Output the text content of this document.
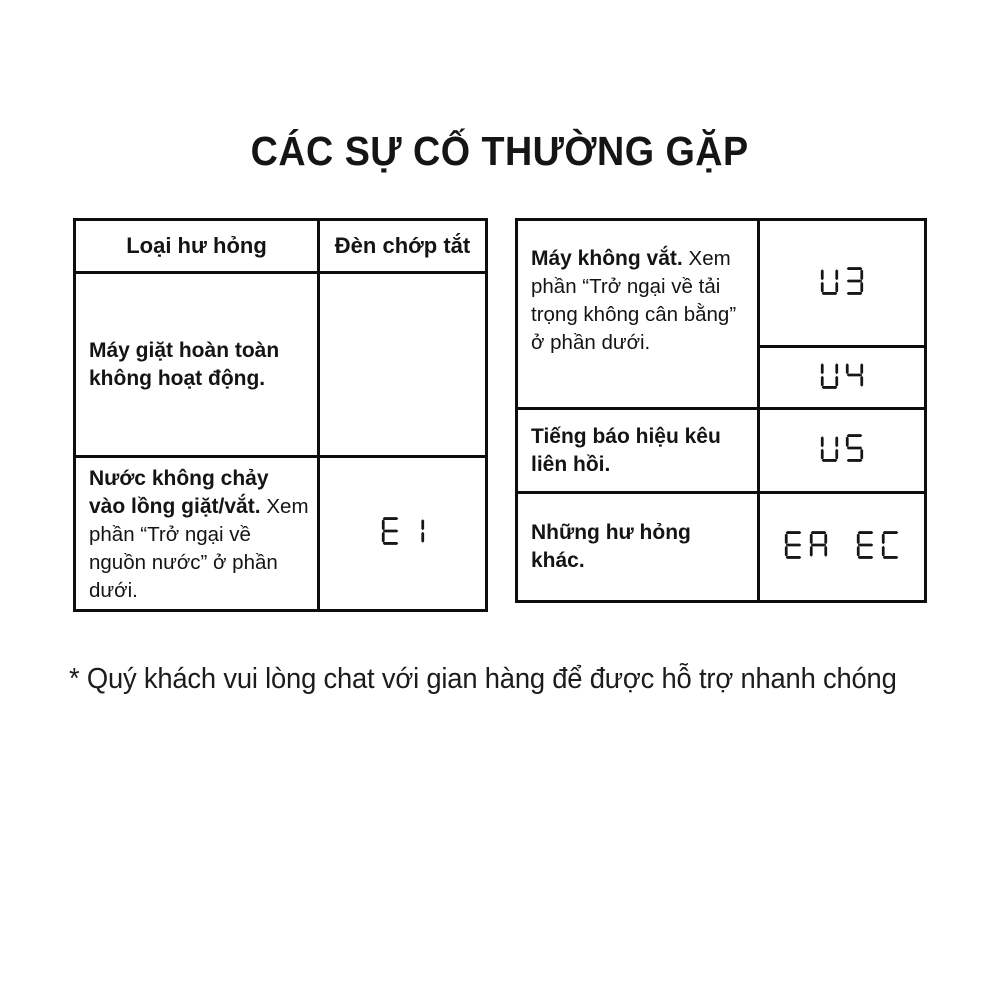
CÁC SỰ CỐ THƯỜNG GẶP
Loại hư hỏng	Đèn chớp tắt
Máy giặt hoàn toàn không hoạt động.
Nước không chảy vào lồng giặt/vắt. Xem phần “Trở ngại về nguồn nước” ở phần dưới.
Máy không vắt. Xem phần “Trở ngại về tải trọng không cân bằng” ở phần dưới.
Tiếng báo hiệu kêu liên hồi.
Những hư hỏng khác.
* Quý khách vui lòng chat với gian hàng để được hỗ trợ nhanh chóng
